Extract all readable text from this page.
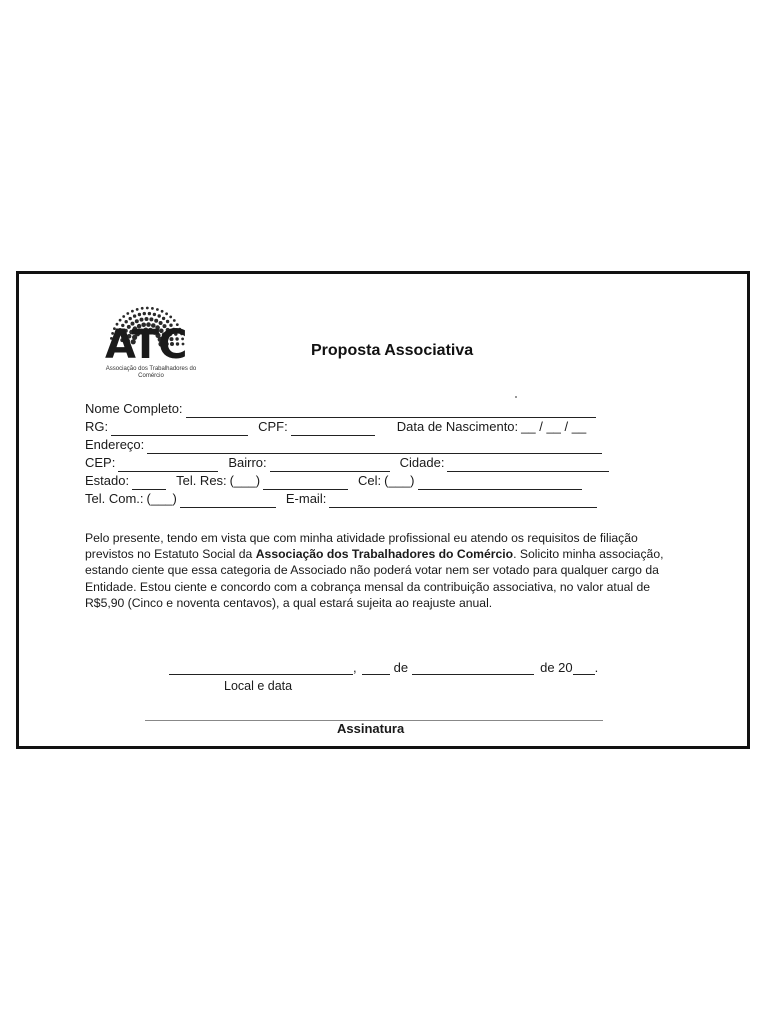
ATC
Associação dos Trabalhadores do Comércio
Proposta Associativa
Nome Completo:
RG:	CPF:	Data de Nascimento: __ / __ / __
Endereço:
CEP:	Bairro:	Cidade:
Estado:	Tel. Res: (___)	Cel: (___)
Tel. Com.: (___)	E-mail:
Pelo presente, tendo em vista que com minha atividade profissional eu atendo os requisitos de filiação previstos no Estatuto Social da Associação dos Trabalhadores do Comércio. Solicito minha associação, estando ciente que essa categoria de Associado não poderá votar nem ser votado para qualquer cargo da Entidade. Estou ciente e concordo com a cobrança mensal da contribuição associativa, no valor atual de R$5,90 (Cinco e noventa centavos), a qual estará sujeita ao reajuste anual.
,	de	de 20 .
Local e data
Assinatura
